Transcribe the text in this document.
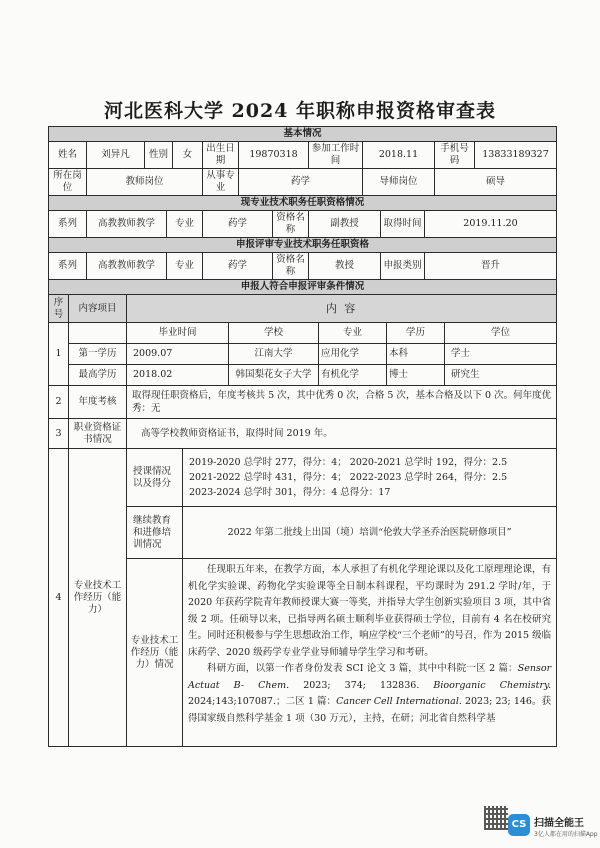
河北医科大学 2024 年职称申报资格审查表
基本情况									
姓名	刘异凡	性别	女	出生日期	19870318	参加工作时间	2018.11	手机号码	13833189327
所在岗位	教师岗位			从事专业	药学		导师岗位	硕导	
现专业技术职务任职资格情况
系列	高教教师教学	专业	药学	资格名称	副教授	取得时间	2019.11.20
申报评审专业技术职务任职资格
系列	高教教师教学	专业	药学	资格名称	教授	申报类别	晋升
申报人符合申报评审条件情况							
序号	内容项目	内 容					
1		毕业时间		学校	专业	学历	学位
	第一学历	2009.07		江南大学	应用化学	本科	学士
	最高学历	2018.02		韩国梨花女子大学	有机化学	博士	研究生
2	年度考核	取得现任职资格后，年度考核共 5 次，其中优秀 0 次，合格 5 次，基本合格及以下 0 次。何年度优秀：无					
3	职业资格证书情况	高等学校教师资格证书，取得时间 2019 年。					
4	专业技术工作经历（能力）	授课情况以及得分	2019-2020 总学时 277，得分：4； 2020-2021 总学时 192，得分：2.5
2021-2022 总学时 431，得分：4； 2022-2023 总学时 264，得分：2.5
2023-2024 总学时 301，得分：4 总得分：17				

		继续教育和进修培训情况	2022 年第二批线上出国（境）培训“伦敦大学圣乔治医院研修项目”				
		专业技术工作经历（能力）情况	任现职五年来，在教学方面，本人承担了有机化学理论课以及化工原理理论课，有机化学实验课、药物化学实验课等全日制本科课程，平均课时为 291.2 学时/年，于 2020 年获药学院青年教师授课大赛一等奖，并指导大学生创新实验项目 3 项，其中省级 2 项。任硕导以来，已指导两名硕士顺利毕业获得硕士学位，目前有 4 名在校研究生。同时还积极参与学生思想政治工作，响应学校“三个老师”的号召，作为 2015 级临床药学、2020 级药学专业学业导师辅导学生学习和考研。

科研方面，以第一作者身份发表 SCI 论文 3 篇，其中中科院一区 2 篇：Sensor Actuat B- Chem. 2023; 374; 132836. Bioorganic Chemistry. 2024;143;107087.；二区 1 篇：Cancer Cell International. 2023; 23; 146。获得国家级自然科学基金 1 项（30 万元），主持，在研；河北省自然科学基				

CS 扫描全能王
3亿人都在用的扫描App
